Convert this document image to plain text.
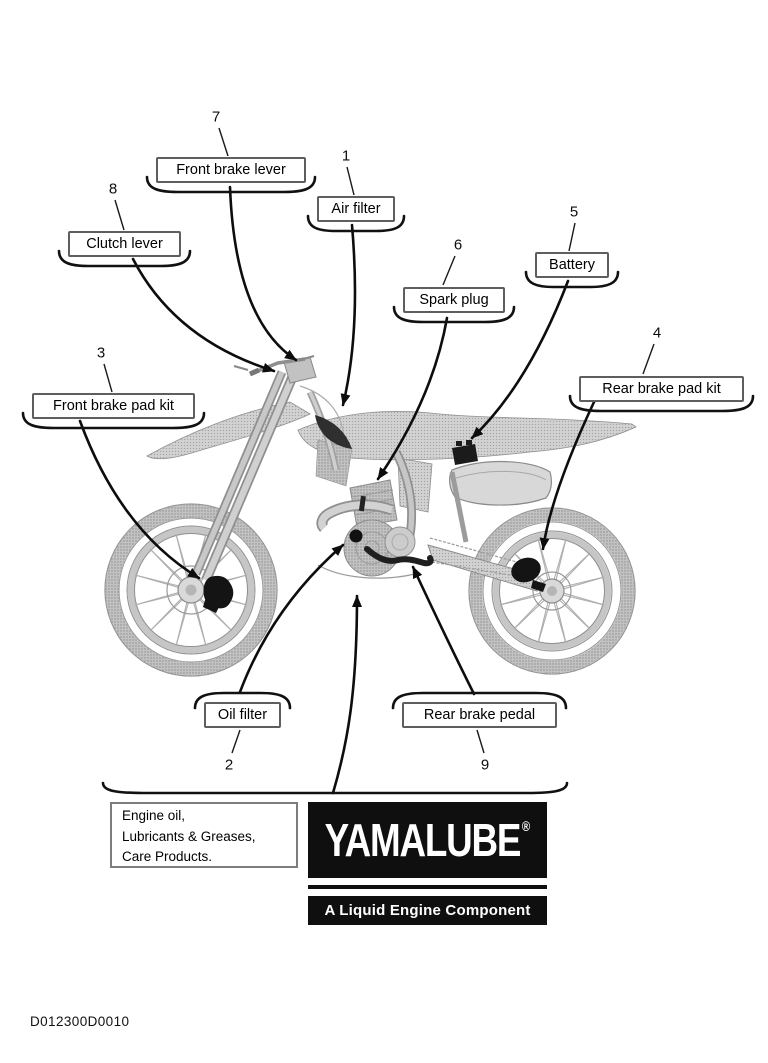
Front brake lever
Air filter
Clutch lever
Spark plug
Battery
Rear brake pad kit
Front brake pad kit
Oil filter	Rear brake pedal
7
1
8
6
5
4
3
2	9
Engine oil,
Lubricants & Greases,
Care Products.	YAMALUBE ®
A Liquid Engine Component
D012300D0010
